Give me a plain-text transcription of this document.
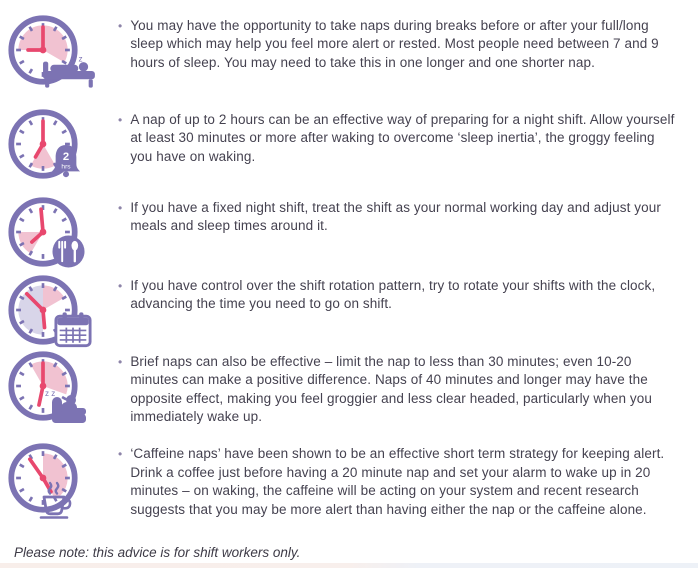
z z
• You may have the opportunity to take naps during breaks before or after your full/long sleep which may help you feel more alert or rested. Most people need between 7 and 9 hours of sleep. You may need to take this in one longer and one shorter nap.

2
hrs
• A nap of up to 2 hours can be an effective way of preparing for a night shift. Allow yourself at least 30 minutes or more after waking to overcome ‘sleep inertia’, the groggy feeling you have on waking.

• If you have a fixed night shift, treat the shift as your normal working day and adjust your meals and sleep times around it.

• If you have control over the shift rotation pattern, try to rotate your shifts with the clock, advancing the time you need to go on shift.

z z
• Brief naps can also be effective – limit the nap to less than 30 minutes; even 10-20 minutes can make a positive difference. Naps of 40 minutes and longer may have the opposite effect, making you feel groggier and less clear headed, particularly when you immediately wake up.

• ‘Caffeine naps’ have been shown to be an effective short term strategy for keeping alert. Drink a coffee just before having a 20 minute nap and set your alarm to wake up in 20 minutes – on waking, the caffeine will be acting on your system and recent research suggests that you may be more alert than having either the nap or the caffeine alone.

Please note: this advice is for shift workers only.
